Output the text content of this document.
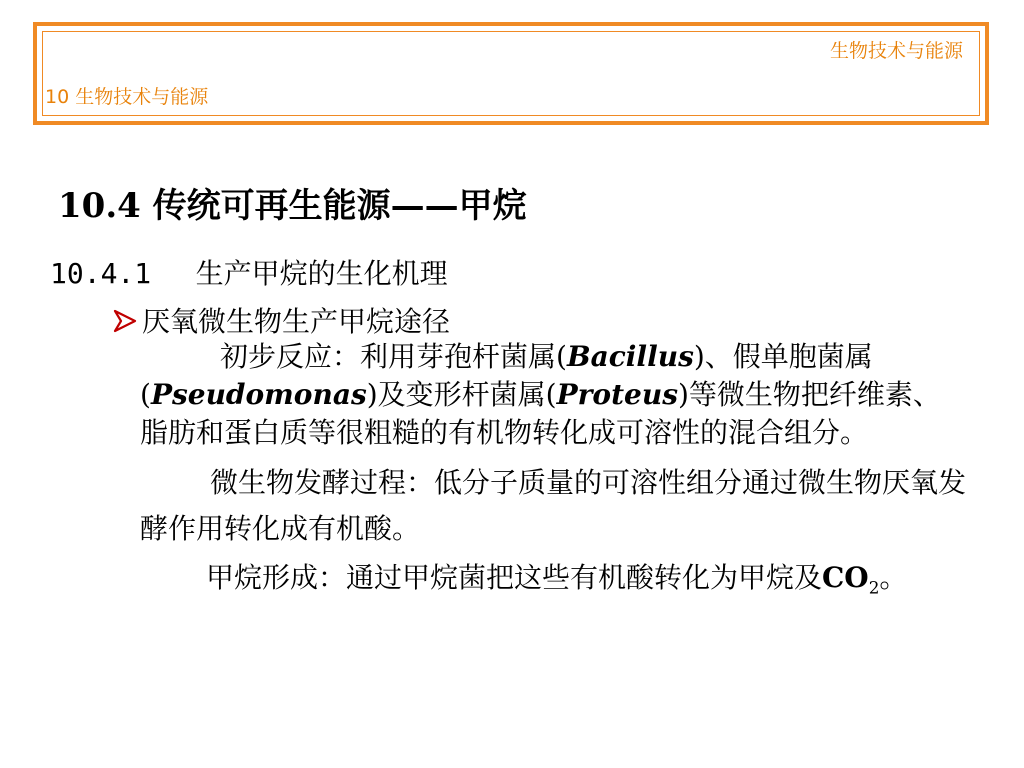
生物技术与能源
10 生物技术与能源
10.4 传统可再生能源——甲烷
10.4.1 生产甲烷的生化机理
厌氧微生物生产甲烷途径

初步反应：利用芽孢杆菌属(Bacillus)、假单胞菌属(Pseudomonas)及变形杆菌属(Proteus)等微生物把纤维素、脂肪和蛋白质等很粗糙的有机物转化成可溶性的混合组分。

微生物发酵过程：低分子质量的可溶性组分通过微生物厌氧发酵作用转化成有机酸。

甲烷形成：通过甲烷菌把这些有机酸转化为甲烷及$CO_2$。
